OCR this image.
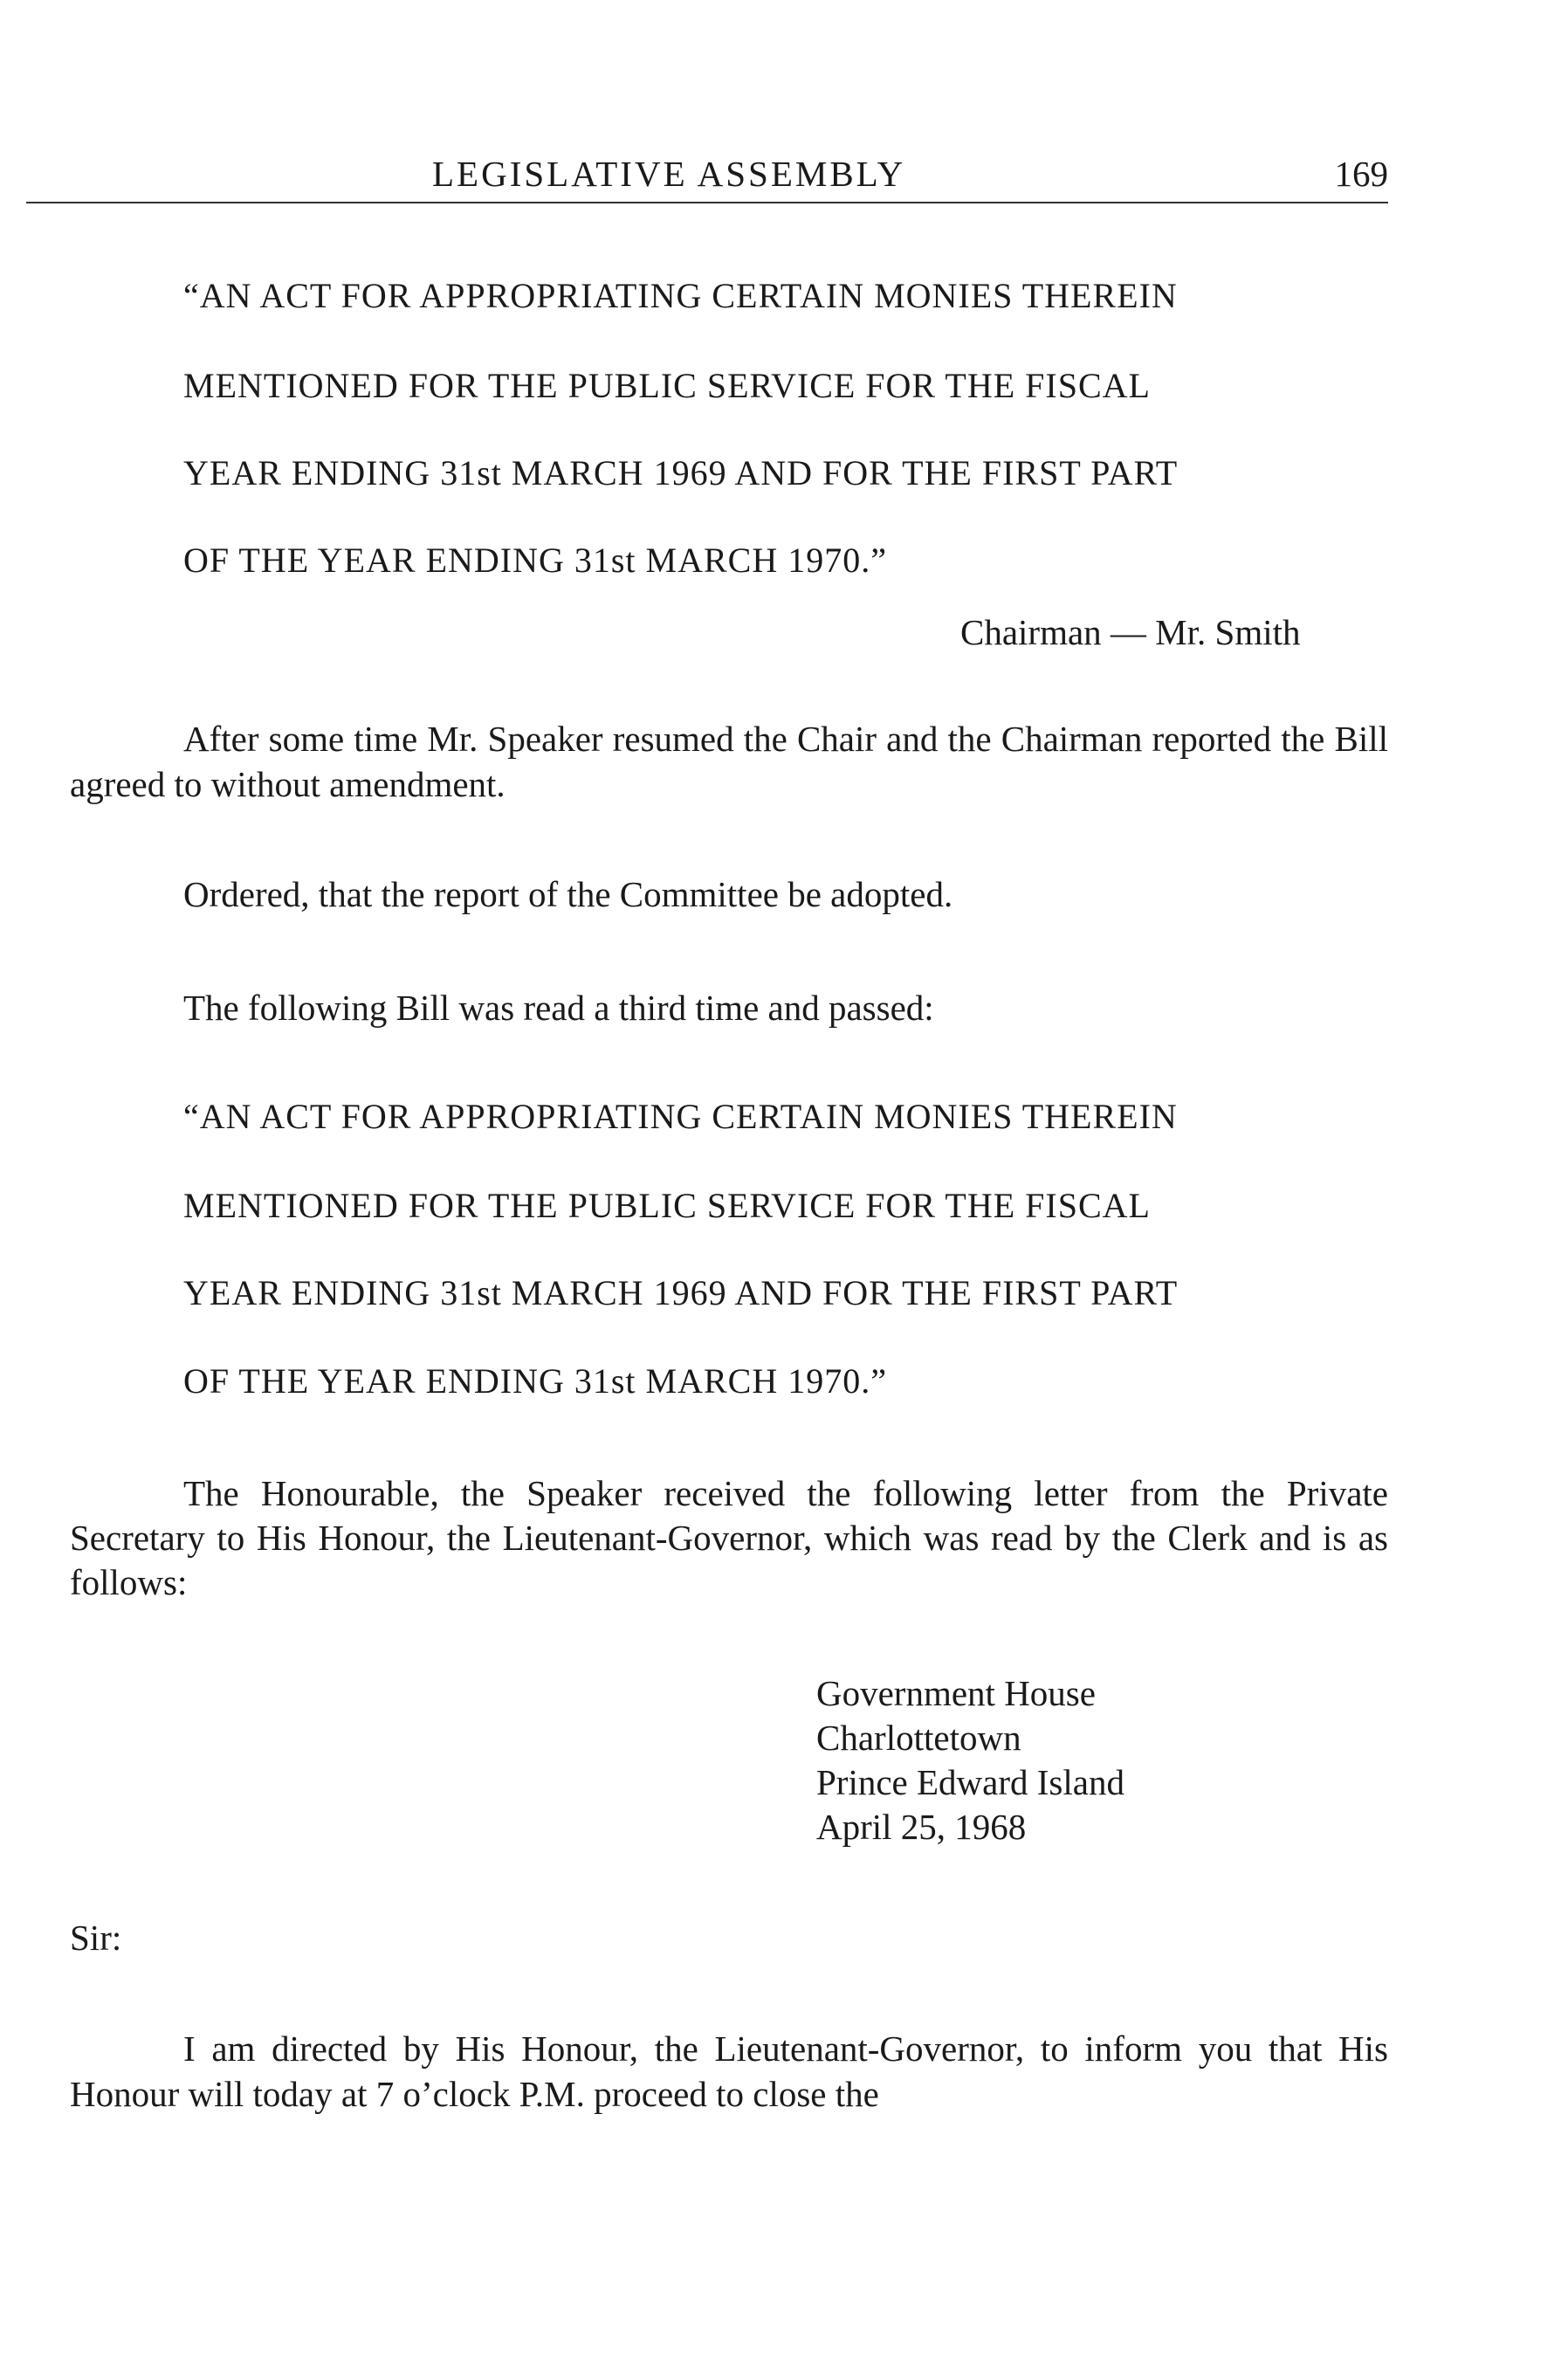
LEGISLATIVE ASSEMBLY	169
“AN ACT FOR APPROPRIATING CERTAIN MONIES THEREIN
MENTIONED FOR THE PUBLIC SERVICE FOR THE FISCAL
YEAR ENDING 31st MARCH 1969 AND FOR THE FIRST PART
OF THE YEAR ENDING 31st MARCH 1970.”
Chairman — Mr. Smith
After some time Mr. Speaker resumed the Chair and the Chairman reported the Bill agreed to without amendment.
Ordered, that the report of the Committee be adopted.
The following Bill was read a third time and passed:
“AN ACT FOR APPROPRIATING CERTAIN MONIES THEREIN
MENTIONED FOR THE PUBLIC SERVICE FOR THE FISCAL
YEAR ENDING 31st MARCH 1969 AND FOR THE FIRST PART
OF THE YEAR ENDING 31st MARCH 1970.”
The Honourable, the Speaker received the following letter from the Private Secretary to His Honour, the Lieutenant-Governor, which was read by the Clerk and is as follows:
Government House
Charlottetown
Prince Edward Island
April 25, 1968
Sir:
I am directed by His Honour, the Lieutenant-Governor, to inform you that His Honour will today at 7 o’clock P.M. proceed to close the
